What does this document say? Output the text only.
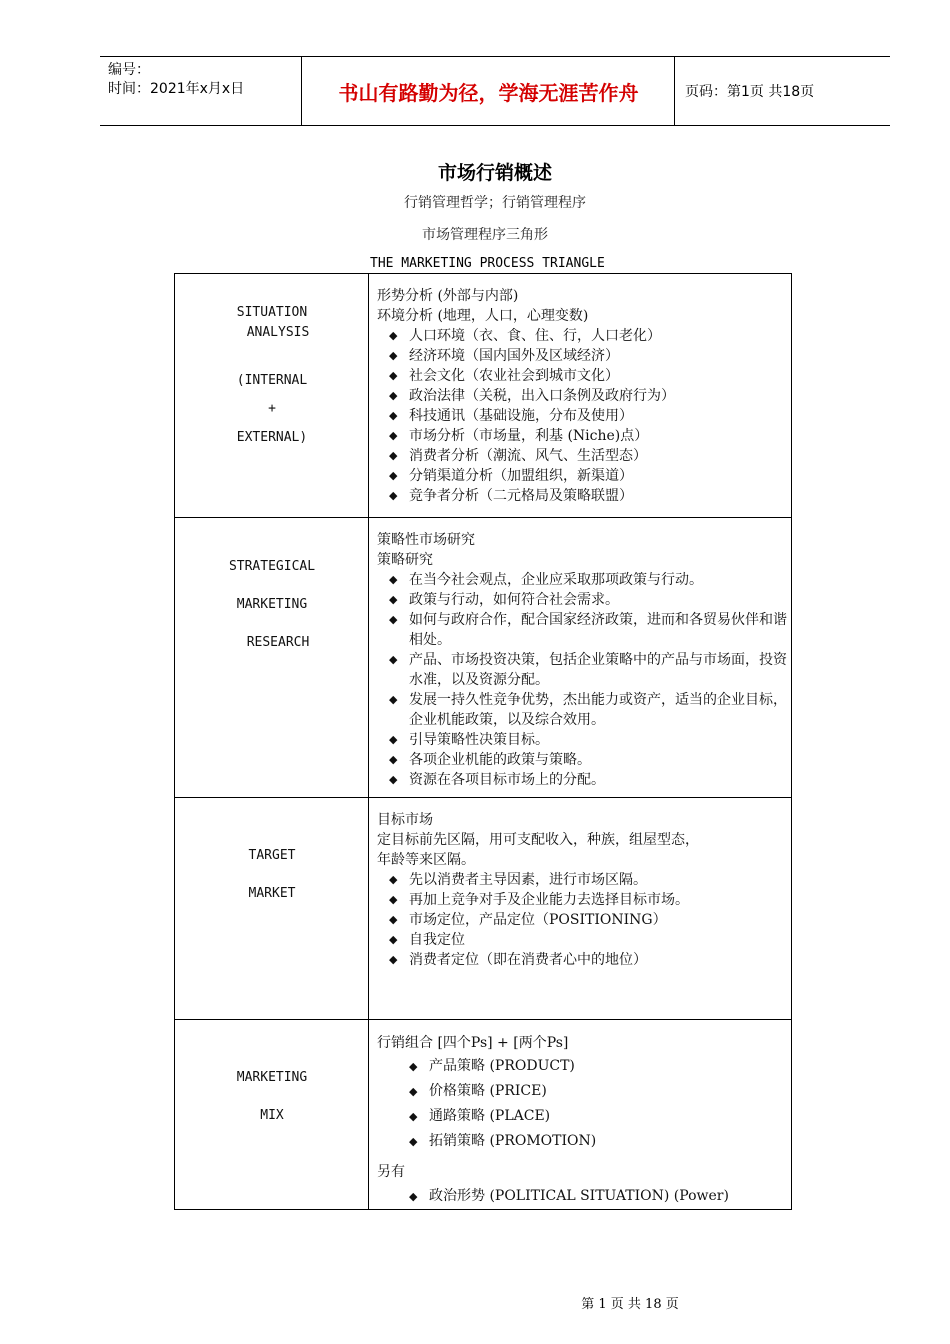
编号：
时间：2021年x月x日	书山有路勤为径，学海无涯苦作舟	页码：第1页 共18页
市场行销概述
行销管理哲学；行销管理程序
市场管理程序三角形
THE MARKETING PROCESS TRIANGLE
SITUATION
ANALYSIS
(INTERNAL
+
EXTERNAL)
形势分析 (外部与内部)
环境分析 (地理，人口，心理变数)
◆ 人口环境（衣、食、住、行，人口老化）
◆ 经济环境（国内国外及区域经济）
◆ 社会文化（农业社会到城市文化）
◆ 政治法律（关税，出入口条例及政府行为）
◆ 科技通讯（基础设施，分布及使用）
◆ 市场分析（市场量，利基 (Niche)点）
◆ 消费者分析（潮流、风气、生活型态）
◆ 分销渠道分析（加盟组织，新渠道）
◆ 竞争者分析（二元格局及策略联盟）
STRATEGICAL
MARKETING
RESEARCH
策略性市场研究
策略研究
◆ 在当今社会观点，企业应采取那项政策与行动。
◆ 政策与行动，如何符合社会需求。
◆ 如何与政府合作，配合国家经济政策，进而和各贸易伙伴和谐相处。
◆ 产品、市场投资决策，包括企业策略中的产品与市场面，投资水准，以及资源分配。
◆ 发展一持久性竞争优势，杰出能力或资产，适当的企业目标，企业机能政策，以及综合效用。
◆ 引导策略性决策目标。
◆ 各项企业机能的政策与策略。
◆ 资源在各项目标市场上的分配。
TARGET
MARKET
目标市场
定目标前先区隔，用可支配收入，种族，组屋型态，
年龄等来区隔。
◆ 先以消费者主导因素，进行市场区隔。
◆ 再加上竞争对手及企业能力去选择目标市场。
◆ 市场定位，产品定位（POSITIONING）
◆ 自我定位
◆ 消费者定位（即在消费者心中的地位）
MARKETING
MIX
行销组合 [四个Ps] + [两个Ps]
◆ 产品策略 (PRODUCT)
◆ 价格策略 (PRICE)
◆ 通路策略 (PLACE)
◆ 拓销策略 (PROMOTION)
另有
◆ 政治形势 (POLITICAL SITUATION) (Power)
第 1 页 共 18 页
